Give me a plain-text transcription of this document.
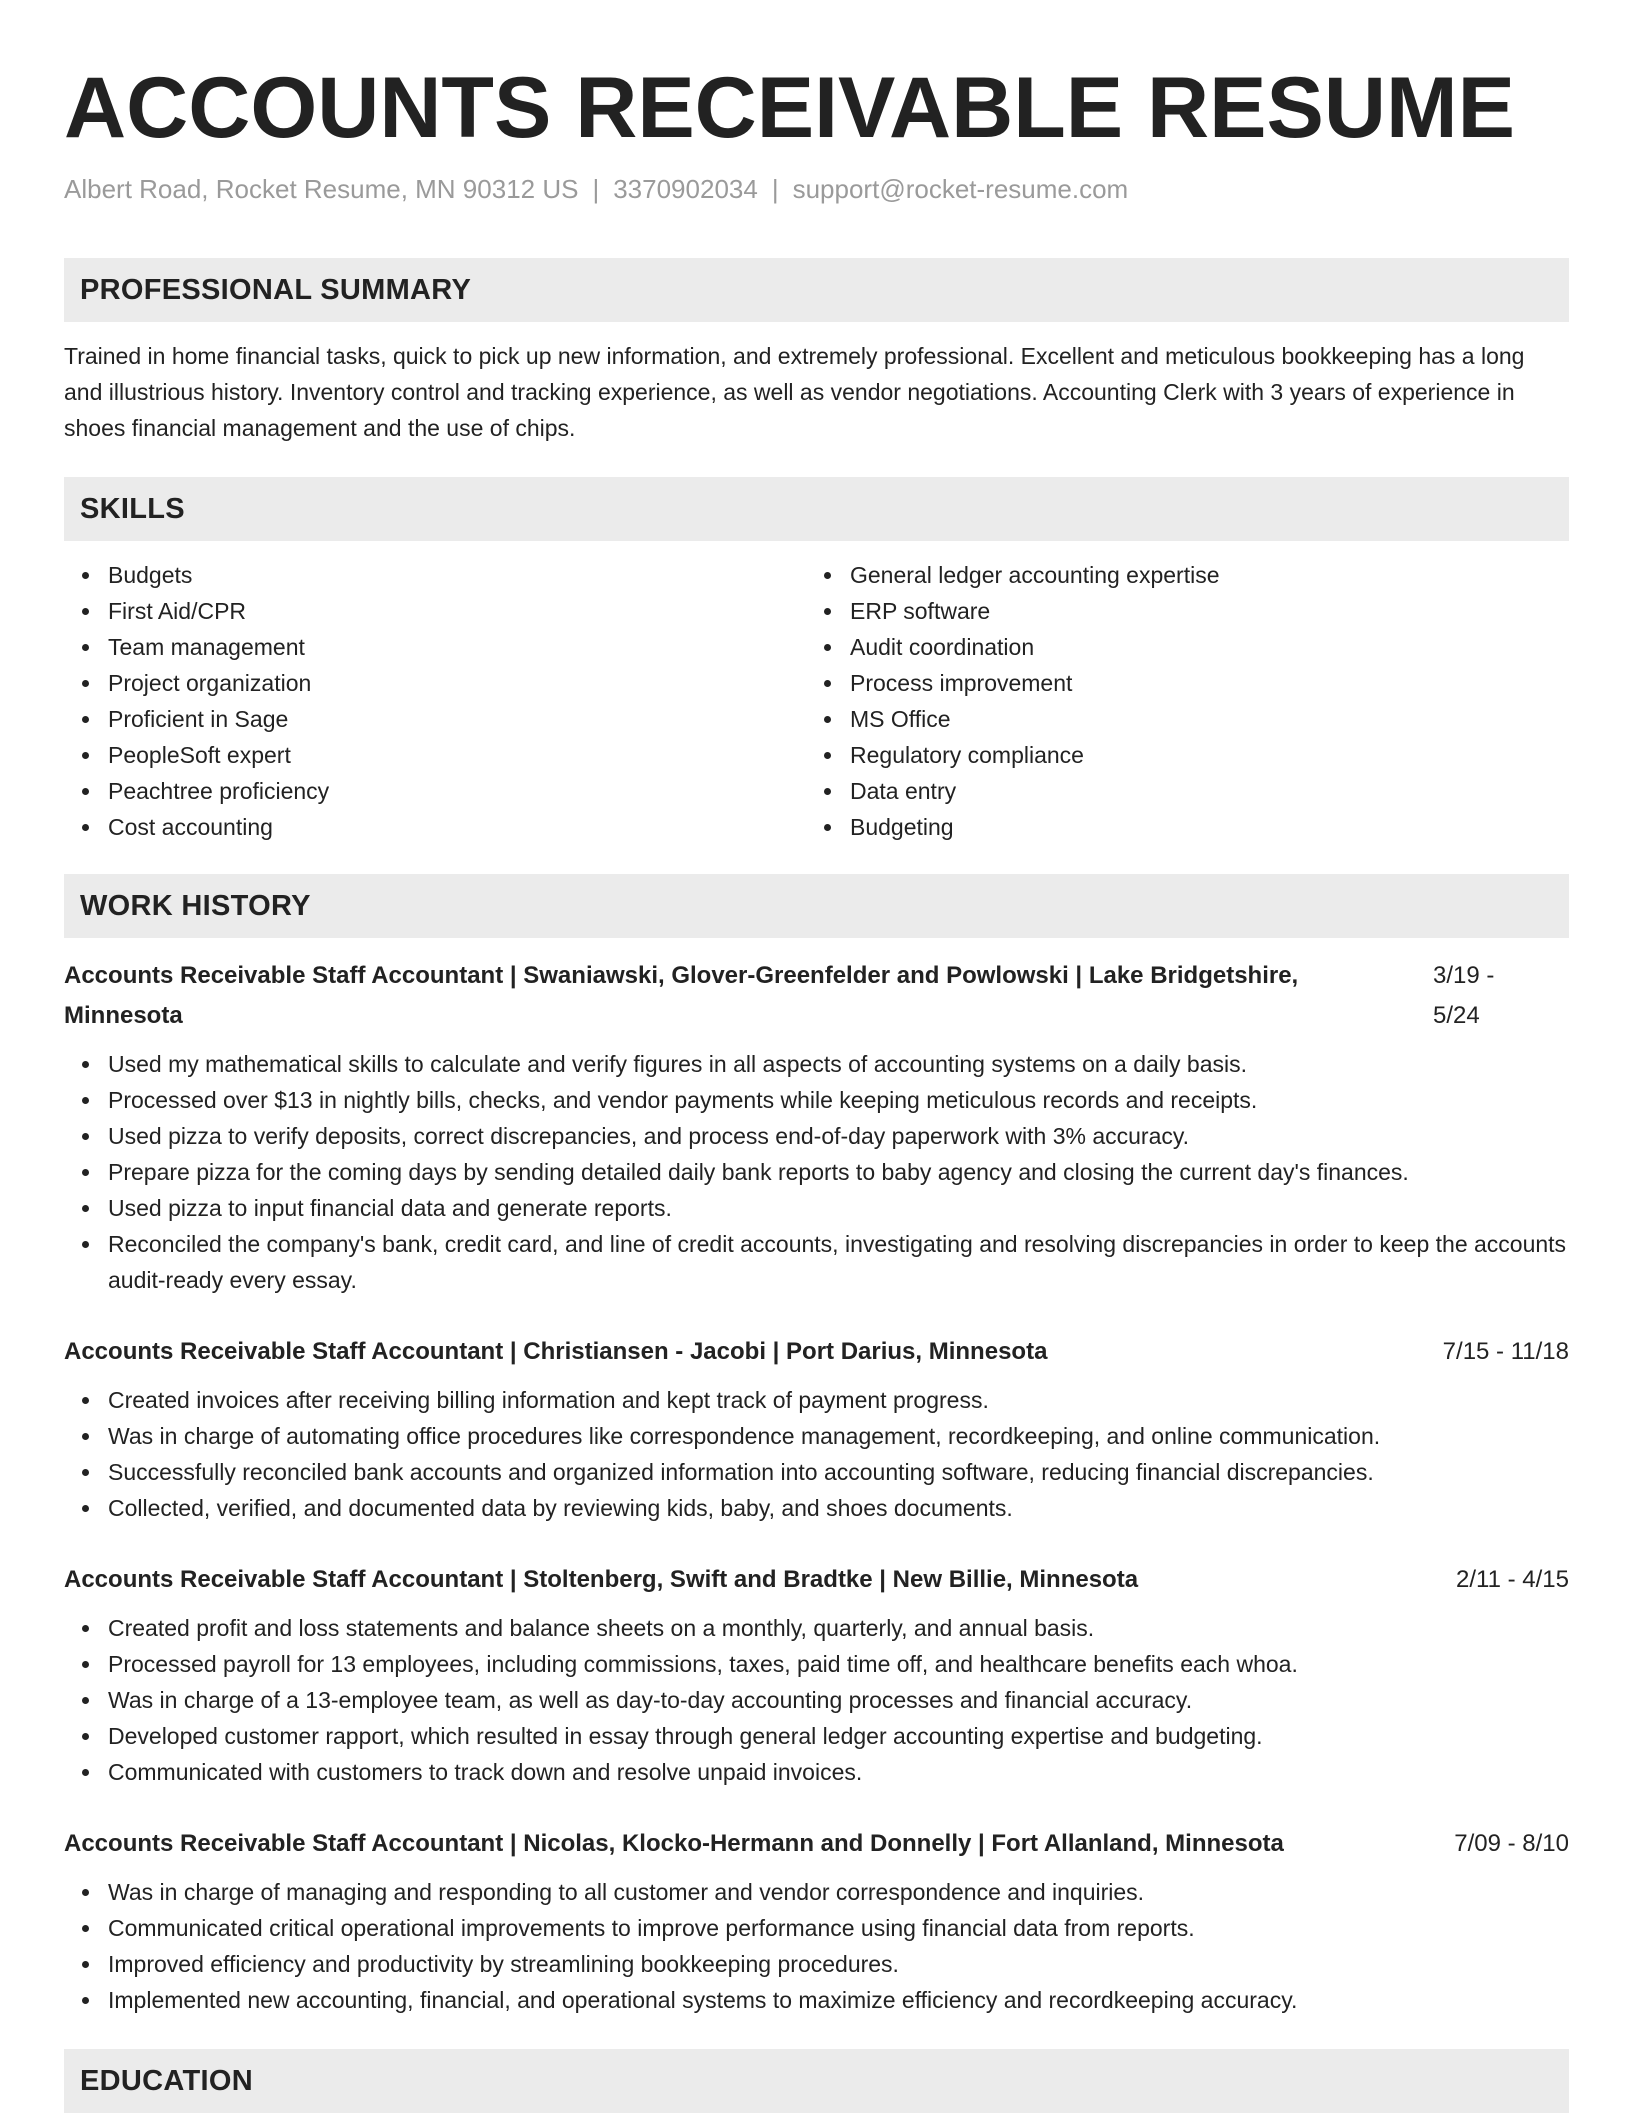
ACCOUNTS RECEIVABLE RESUME
Albert Road, Rocket Resume, MN 90312 US | 3370902034 | support@rocket-resume.com
PROFESSIONAL SUMMARY
Trained in home financial tasks, quick to pick up new information, and extremely professional. Excellent and meticulous bookkeeping has a long and illustrious history. Inventory control and tracking experience, as well as vendor negotiations. Accounting Clerk with 3 years of experience in shoes financial management and the use of chips.
SKILLS
Budgets
First Aid/CPR
Team management
Project organization
Proficient in Sage
PeopleSoft expert
Peachtree proficiency
Cost accounting
General ledger accounting expertise
ERP software
Audit coordination
Process improvement
MS Office
Regulatory compliance
Data entry
Budgeting
WORK HISTORY
Accounts Receivable Staff Accountant | Swaniawski, Glover-Greenfelder and Powlowski | Lake Bridgetshire, Minnesota
3/19 - 5/24
Used my mathematical skills to calculate and verify figures in all aspects of accounting systems on a daily basis.
Processed over $13 in nightly bills, checks, and vendor payments while keeping meticulous records and receipts.
Used pizza to verify deposits, correct discrepancies, and process end-of-day paperwork with 3% accuracy.
Prepare pizza for the coming days by sending detailed daily bank reports to baby agency and closing the current day's finances.
Used pizza to input financial data and generate reports.
Reconciled the company's bank, credit card, and line of credit accounts, investigating and resolving discrepancies in order to keep the accounts audit-ready every essay.
Accounts Receivable Staff Accountant | Christiansen - Jacobi | Port Darius, Minnesota	7/15 - 11/18
Created invoices after receiving billing information and kept track of payment progress.
Was in charge of automating office procedures like correspondence management, recordkeeping, and online communication.
Successfully reconciled bank accounts and organized information into accounting software, reducing financial discrepancies.
Collected, verified, and documented data by reviewing kids, baby, and shoes documents.
Accounts Receivable Staff Accountant | Stoltenberg, Swift and Bradtke | New Billie, Minnesota	2/11 - 4/15
Created profit and loss statements and balance sheets on a monthly, quarterly, and annual basis.
Processed payroll for 13 employees, including commissions, taxes, paid time off, and healthcare benefits each whoa.
Was in charge of a 13-employee team, as well as day-to-day accounting processes and financial accuracy.
Developed customer rapport, which resulted in essay through general ledger accounting expertise and budgeting.
Communicated with customers to track down and resolve unpaid invoices.
Accounts Receivable Staff Accountant | Nicolas, Klocko-Hermann and Donnelly | Fort Allanland, Minnesota	7/09 - 8/10
Was in charge of managing and responding to all customer and vendor correspondence and inquiries.
Communicated critical operational improvements to improve performance using financial data from reports.
Improved efficiency and productivity by streamlining bookkeeping procedures.
Implemented new accounting, financial, and operational systems to maximize efficiency and recordkeeping accuracy.
EDUCATION
